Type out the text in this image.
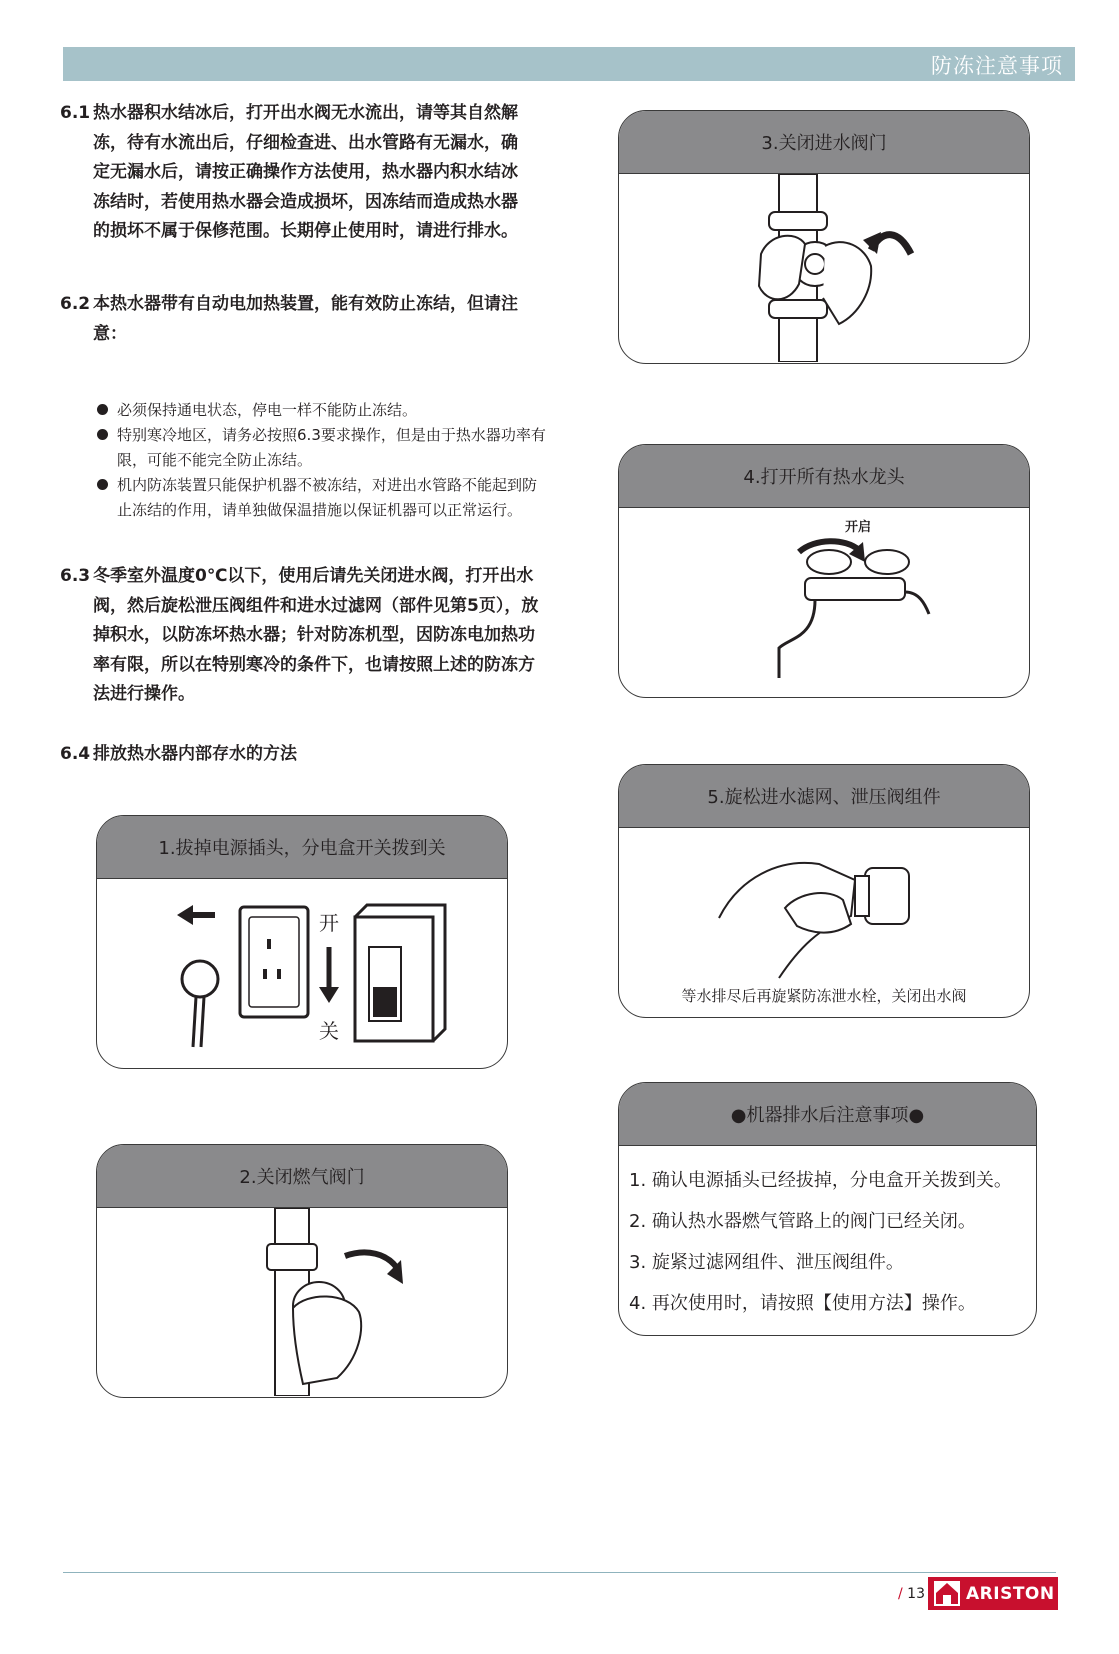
防冻注意事项
6.1 热水器积水结冰后，打开出水阀无水流出，请等其自然解冻，待有水流出后，仔细检查进、出水管路有无漏水，确定无漏水后，请按正确操作方法使用，热水器内积水结冰冻结时，若使用热水器会造成损坏，因冻结而造成热水器的损坏不属于保修范围。长期停止使用时，请进行排水。
6.2 本热水器带有自动电加热装置，能有效防止冻结，但请注意：
必须保持通电状态，停电一样不能防止冻结。
特别寒冷地区，请务必按照6.3要求操作，但是由于热水器功率有限，可能不能完全防止冻结。
机内防冻装置只能保护机器不被冻结，对进出水管路不能起到防止冻结的作用，请单独做保温措施以保证机器可以正常运行。
6.3 冬季室外温度0℃以下，使用后请先关闭进水阀，打开出水阀，然后旋松泄压阀组件和进水过滤网（部件见第5页），放掉积水，以防冻坏热水器；针对防冻机型，因防冻电加热功率有限，所以在特别寒冷的条件下，也请按照上述的防冻方法进行操作。
6.4 排放热水器内部存水的方法
1.拔掉电源插头，分电盒开关拨到关
开
关
2.关闭燃气阀门
3.关闭进水阀门
4.打开所有热水龙头
开启
5.旋松进水滤网、泄压阀组件
等水排尽后再旋紧防冻泄水栓，关闭出水阀
●机器排水后注意事项●
1. 确认电源插头已经拔掉，分电盒开关拨到关。
2. 确认热水器燃气管路上的阀门已经关闭。
3. 旋紧过滤网组件、泄压阀组件。
4. 再次使用时，请按照【使用方法】操作。
/ 13 ARISTON
